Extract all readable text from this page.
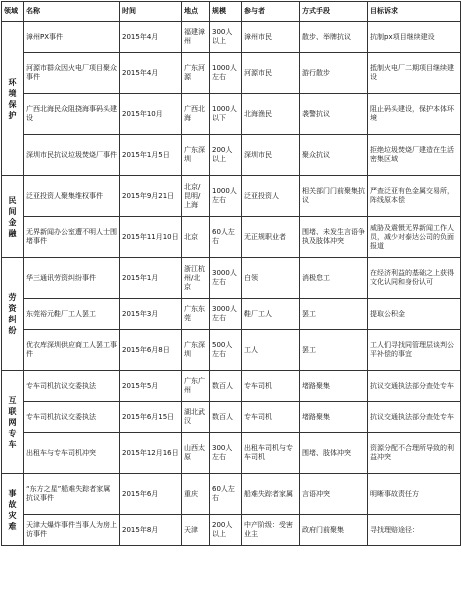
领域	名称	时间	地点	规模	参与者	方式手段	目标诉求
环境保护	漳州PX事件	2015年4月	福建漳州	300人以上	漳州市民	散步、举牌抗议	抗制px项目继续建设
	河源市群众因火电厂项目聚众事件	2015年4月	广东河源	1000人左右	河源市民	游行散步	抵制火电厂二期项目继续建设
	广西北海民众阻挠海事码头建设	2015年10月	广西北海	1000人以下	北海渔民	袭警抗议	阻止码头建设，保护本体环境
	深圳市民抗议垃圾焚烧厂事件	2015年1月5日	广东深圳	200人以上	深圳市民	聚众抗议	拒绝垃圾焚烧厂建造在生活密集区域
民间金融	泛亚投资人聚集维权事件	2015年9月21日	北京/昆明/上海	1000人左右	泛亚投资人	相关部门门前聚集抗议	严查泛亚有色金属交易所，阵线原本偿
	无界新闻办公室遭不明人士围堵事件	2015年11月10日	北京	60人左右	无正规职业者	围堵、未发生言语争执及肢体冲突	威胁及震慑无界新闻工作人员，减少对泰达公司的负面报道
劳资纠纷	华三通讯劳资纠纷事件	2015年1月	浙江杭州/北京	3000人左右	白领	消极怠工	在经济利益的基础之上获得文化认同和身份认可
	东莞裕元鞋厂工人罢工	2015年3月	广东东莞	3000人左右	鞋厂工人	罢工	提取公积金
	优衣库深圳供应商工人罢工事件	2015年6月8日	广东深圳	500人左右	工人	罢工	工人们寻找同管理层谈判公平补偿的事宜
互联网专车	专车司机抗议交委执法	2015年5月	广东广州	数百人	专车司机	堵路聚集	抗议交通执法部分查处专车
	专车司机抗议交委执法	2015年6月15日	湖北武汉	数百人	专车司机	堵路聚集	抗议交通执法部分查处专车
	出租车与专车司机冲突	2015年12月16日	山西太原	300人左右	出租车司机与专车司机	围堵、肢体冲突	资源分配不合理所导致的利益冲突
事故灾难	“东方之星”船难失踪者家属抗议事件	2015年6月	重庆	60人左右	船难失踪者家属	言语冲突	明晰事故责任方
	天津大爆炸事件当事人为房上访事件	2015年8月	天津	200人以上	中产阶级：受害业主	政府门前聚集	寻找理赔途径：
